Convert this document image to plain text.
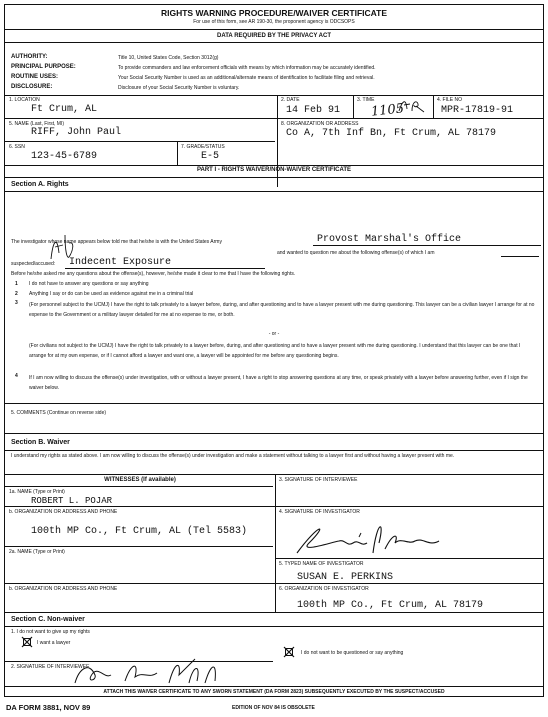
RIGHTS WARNING PROCEDURE/WAIVER CERTIFICATE
For use of this form, see AR 190-30, the proponent agency is ODCSOPS
DATA REQUIRED BY THE PRIVACY ACT
AUTHORITY:	Title 10, United States Code, Section 3012(g)
PRINCIPAL PURPOSE:	To provide commanders and law enforcement officials with means by which information may be accurately identified.
ROUTINE USES:	Your Social Security Number is used as an additional/alternate means of identification to facilitate filing and retrieval.
DISCLOSURE:	Disclosure of your Social Security Number is voluntary.
1. LOCATION
Ft Crum, AL
2. DATE
14 Feb 91
3. TIME
1105
4. FILE NO
MPR-17819-91
5. NAME (Last, First, MI)
RIFF, John Paul
8. ORGANIZATION OR ADDRESS
Co A, 7th Inf Bn, Ft Crum, AL 78179
6. SSN
123-45-6789
7. GRADE/STATUS
E-5
PART I - RIGHTS WAIVER/NON-WAIVER CERTIFICATE
Section A. Rights
The investigator whose name appears below told me that he/she is with the United States Army	Provost Marshal's Office
and wanted to question me about the following offense(s) of which I am
suspected/accused:	Indecent Exposure
Before he/she asked me any questions about the offense(s), however, he/she made it clear to me that I have the following rights.
1 I do not have to answer any questions or say anything
2 Anything I say or do can be used as evidence against me in a criminal trial
3 (For personnel subject to the UCMJ) I have the right to talk privately to a lawyer before, during, and after questioning and to have a lawyer present with me during questioning. This lawyer can be a civilian lawyer I arrange for at no expense to the Government or a military lawyer detailed for me at no expense to me, or both.
- or -
(For civilians not subject to the UCMJ) I have the right to talk privately to a lawyer before, during, and after questioning and to have a lawyer present with me during questioning. I understand that this lawyer can be one that I arrange for at my own expense, or if I cannot afford a lawyer and want one, a lawyer will be appointed for me before any questioning begins.
4 If I am now willing to discuss the offense(s) under investigation, with or without a lawyer present, I have a right to stop answering questions at any time, or speak privately with a lawyer before answering further, even if I sign the waiver below.
5. COMMENTS (Continue on reverse side)
Section B. Waiver
I understand my rights as stated above. I am now willing to discuss the offense(s) under investigation and make a statement without talking to a lawyer first and without having a lawyer present with me.
WITNESSES (If available)	3. SIGNATURE OF INTERVIEWEE
1a. NAME (Type or Print)
ROBERT L. POJAR
b. ORGANIZATION OR ADDRESS AND PHONE
100th MP Co., Ft Crum, AL (Tel 5583)
4. SIGNATURE OF INVESTIGATOR
2a. NAME (Type or Print)
5. TYPED NAME OF INVESTIGATOR
SUSAN E. PERKINS
b. ORGANIZATION OR ADDRESS AND PHONE	6. ORGANIZATION OF INVESTIGATOR
100th MP Co., Ft Crum, AL 78179
Section C. Non-waiver
1. I do not want to give up my rights
I want a lawyer
I do not want to be questioned or say anything
2. SIGNATURE OF INTERVIEWEE
ATTACH THIS WAIVER CERTIFICATE TO ANY SWORN STATEMENT (DA FORM 2823) SUBSEQUENTLY EXECUTED BY THE SUSPECT/ACCUSED
DA FORM 3881, NOV 89	EDITION OF NOV 84 IS OBSOLETE
